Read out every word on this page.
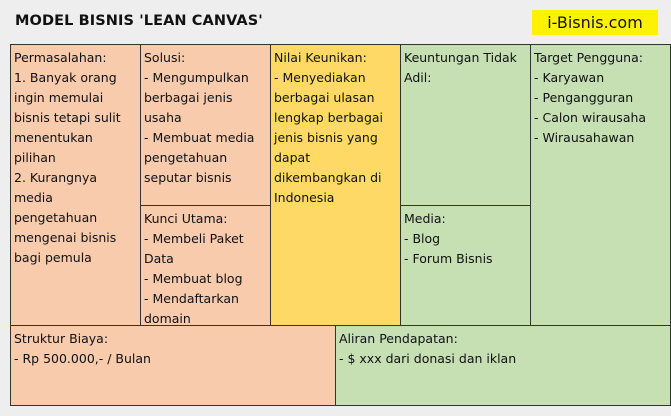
MODEL BISNIS 'LEAN CANVAS'	i-Bisnis.com
Permasalahan:
1. Banyak orang ingin memulai bisnis tetapi sulit menentukan pilihan
2. Kurangnya media pengetahuan mengenai bisnis bagi pemula
Solusi:
- Mengumpulkan berbagai jenis usaha
- Membuat media pengetahuan seputar bisnis
Kunci Utama:
- Membeli Paket Data
- Membuat blog
- Mendaftarkan domain
Nilai Keunikan:
- Menyediakan berbagai ulasan lengkap berbagai jenis bisnis yang dapat dikembangkan di Indonesia
Keuntungan Tidak Adil:
Media:
- Blog
- Forum Bisnis
Target Pengguna:
- Karyawan
- Pengangguran
- Calon wirausaha
- Wirausahawan
Struktur Biaya:
- Rp 500.000,- / Bulan
Aliran Pendapatan:
- $ xxx dari donasi dan iklan
